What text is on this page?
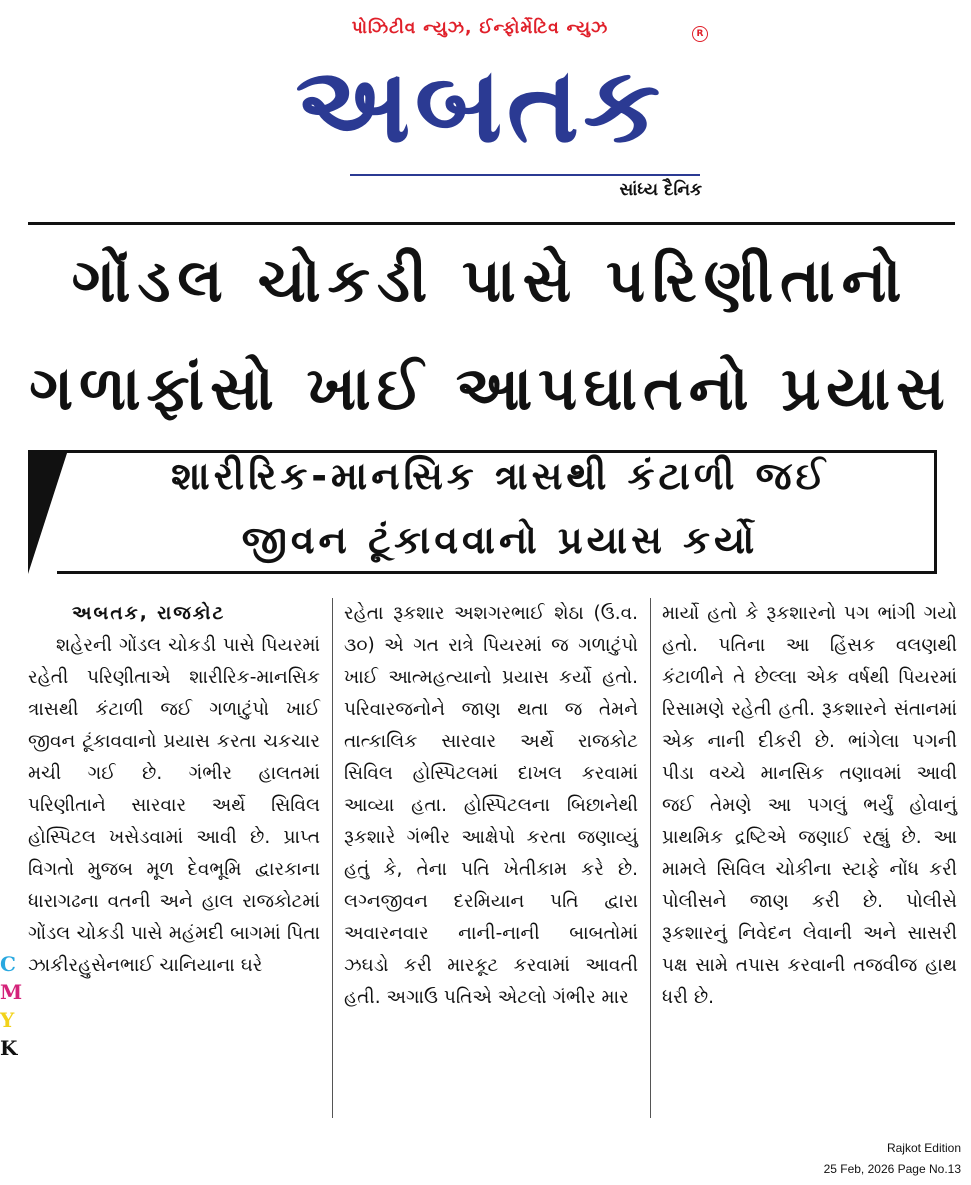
પોઝિટીવ ન્યુઝ, ઈન્ફોર્મેટિવ ન્યુઝ	R
અબતક
સાંધ્ય દૈનિક
ગોંડલ ચોકડી પાસે પરિણીતાનો
ગળાફાંસો ખાઈ આપઘાતનો પ્રયાસ
શારીરિક-માનસિક ત્રાસથી કંટાળી જઈ
જીવન ટૂંકાવવાનો પ્રયાસ કર્યો
અબતક, રાજકોટ
શહેરની ગોંડલ ચોકડી પાસે પિયરમાં રહેતી પરિણીતાએ શારીરિક-માનસિક ત્રાસથી કંટાળી જઈ ગળાટુંપો ખાઈ જીવન ટૂંકાવવાનો પ્રયાસ કરતા ચકચાર મચી ગઈ છે. ગંભીર હાલતમાં પરિણીતાને સારવાર અર્થે સિવિલ હોસ્પિટલ ખસેડવામાં આવી છે. પ્રાપ્ત વિગતો મુજબ મૂળ દેવભૂમિ દ્વારકાના ધારાગઢના વતની અને હાલ રાજકોટમાં ગોંડલ ચોકડી પાસે મહંમદી બાગમાં પિતા ઝાકીરહુસેનભાઈ ચાનિયાના ઘરે
રહેતા રૂકશાર અશગરભાઈ શેઠા (ઉ.વ. ૩૦) એ ગત રાત્રે પિયરમાં જ ગળાટુંપો ખાઈ આત્મહત્યાનો પ્રયાસ કર્યો હતો. પરિવારજનોને જાણ થતા જ તેમને તાત્કાલિક સારવાર અર્થે રાજકોટ સિવિલ હોસ્પિટલમાં દાખલ કરવામાં આવ્યા હતા. હોસ્પિટલના બિછાનેથી રૂકશારે ગંભીર આક્ષેપો કરતા જણાવ્યું હતું કે, તેના પતિ ખેતીકામ કરે છે. લગ્નજીવન દરમિયાન પતિ દ્વારા અવારનવાર નાની-નાની બાબતોમાં ઝઘડો કરી મારકૂટ કરવામાં આવતી હતી. અગાઉ પતિએ એટલો ગંભીર માર
માર્યો હતો કે રૂકશારનો પગ ભાંગી ગયો હતો. પતિના આ હિંસક વલણથી કંટાળીને તે છેલ્લા એક વર્ષથી પિયરમાં રિસામણે રહેતી હતી. રૂકશારને સંતાનમાં એક નાની દીકરી છે. ભાંગેલા પગની પીડા વચ્ચે માનસિક તણાવમાં આવી જઈ તેમણે આ પગલું ભર્યું હોવાનું પ્રાથમિક દ્રષ્ટિએ જણાઈ રહ્યું છે. આ મામલે સિવિલ ચોકીના સ્ટાફે નોંધ કરી પોલીસને જાણ કરી છે. પોલીસે રૂકશારનું નિવેદન લેવાની અને સાસરી પક્ષ સામે તપાસ કરવાની તજવીજ હાથ ધરી છે.
C
M
Y
K
Rajkot Edition
25 Feb, 2026 Page No.13
